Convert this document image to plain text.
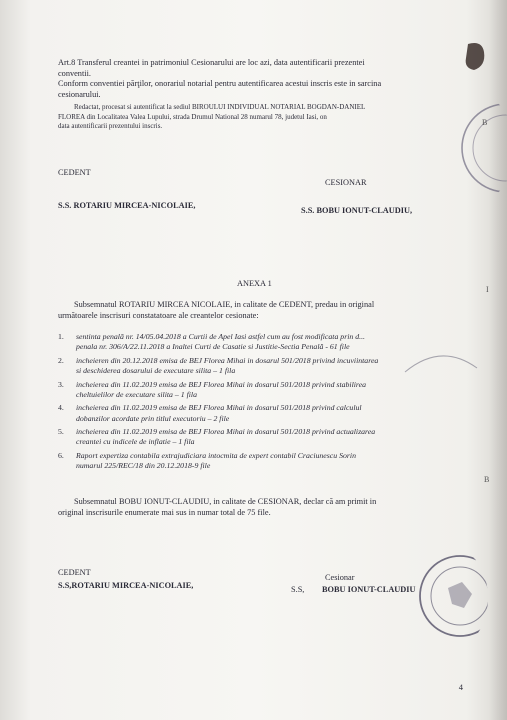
Art.8 Transferul creantei in patrimoniul Cesionarului are loc azi, data autentificarii prezentei
conventii.
Conform conventiei părţilor, onorariul notarial pentru autentificarea acestui inscris este in sarcina
cesionarului.
Redactat, procesat si autentificat la sediul BIROULUI INDIVIDUAL NOTARIAL BOGDAN-DANIEL
FLOREA din Localitatea Valea Lupului, strada Drumul National 28 numarul 78, judetul Iasi, on
data autentificarii prezentului inscris.
CEDENT
CESIONAR
S.S. ROTARIU MIRCEA-NICOLAIE,
S.S. BOBU IONUT-CLAUDIU,
ANEXA 1
Subsemnatul ROTARIU MIRCEA NICOLAIE, in calitate de CEDENT, predau in original
următoarele inscrisuri constatatoare ale creantelor cesionate:
1. sentinta penală nr. 14/05.04.2018 a Curtii de Apel Iasi astfel cum au fost modificata prin d...
penala nr. 306/A/22.11.2018 a Inaltei Curti de Casatie si Justitie-Sectia Penală - 61 file
2. incheieren din 20.12.2018 emisa de BEJ Florea Mihai in dosarul 501/2018 privind incuviintarea
si deschiderea dosarului de executare silita – 1 fila
3. incheierea din 11.02.2019 emisa de BEJ Florea Mihai in dosarul 501/2018 privind stabilirea
cheltuielilor de executare silita – 1 fila
4. incheierea din 11.02.2019 emisa de BEJ Florea Mihai in dosarul 501/2018 privind calculul
dobanzilor acordate prin titlul executoriu – 2 file
5. incheierea din 11.02.2019 emisa de BEJ Florea Mihai in dosarul 501/2018 privind actualizarea
creantei cu indicele de inflatie – 1 fila
6. Raport expertiza contabila extrajudiciara intocmita de expert contabil Craciunescu Sorin
numarul 225/REC/18 din 20.12.2018-9 file
Subsemnatul BOBU IONUT-CLAUDIU, in calitate de CESIONAR, declar că am primit in
original inscrisurile enumerate mai sus in numar total de 75 file.
CEDENT
S.S,ROTARIU MIRCEA-NICOLAIE,
Cesionar
S.S, BOBU IONUT-CLAUDIU
I
B
B
4
